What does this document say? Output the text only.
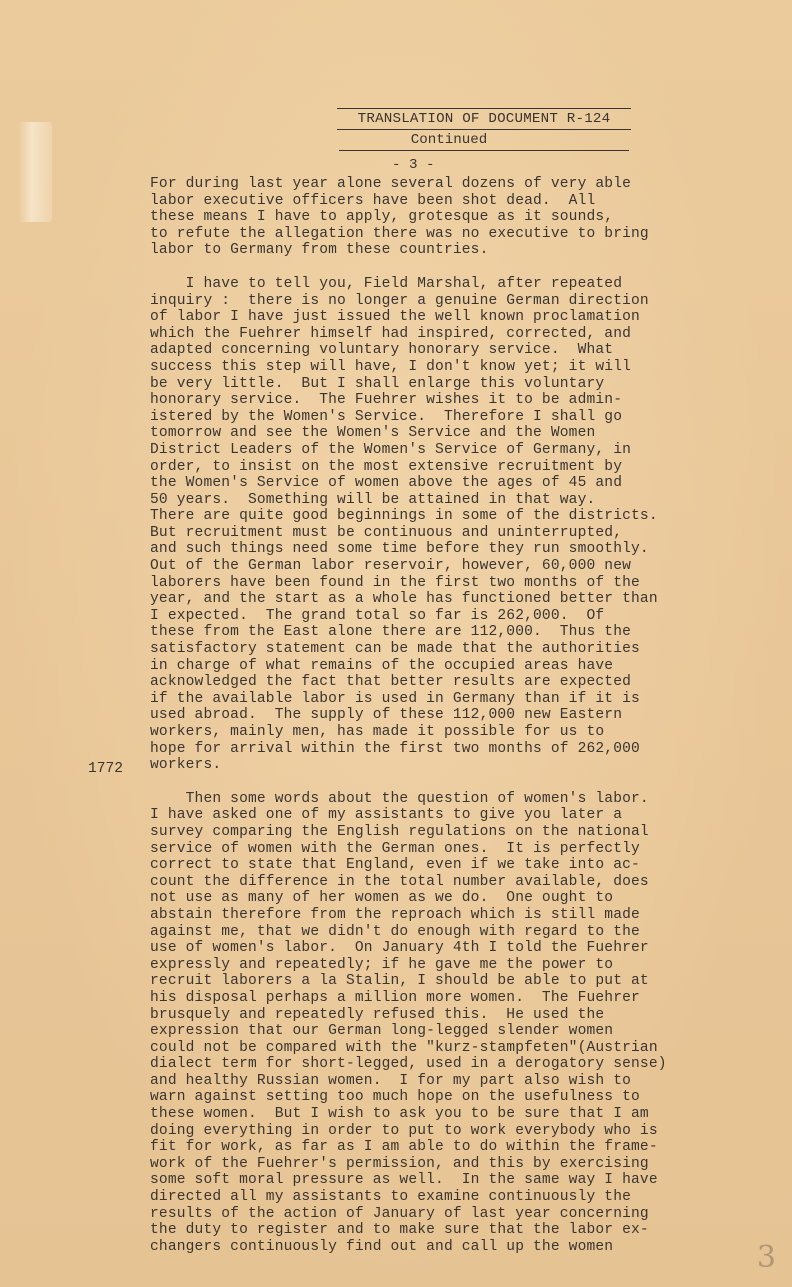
TRANSLATION OF DOCUMENT R-124
Continued
- 3 -
For during last year alone several dozens of very able
labor executive officers have been shot dead.  All
these means I have to apply, grotesque as it sounds,
to refute the allegation there was no executive to bring
labor to Germany from these countries.
I have to tell you, Field Marshal, after repeated
inquiry :  there is no longer a genuine German direction
of labor I have just issued the well known proclamation
which the Fuehrer himself had inspired, corrected, and
adapted concerning voluntary honorary service.  What
success this step will have, I don't know yet; it will
be very little.  But I shall enlarge this voluntary
honorary service.  The Fuehrer wishes it to be admin-
istered by the Women's Service.  Therefore I shall go
tomorrow and see the Women's Service and the Women
District Leaders of the Women's Service of Germany, in
order, to insist on the most extensive recruitment by
the Women's Service of women above the ages of 45 and
50 years.  Something will be attained in that way.
There are quite good beginnings in some of the districts.
But recruitment must be continuous and uninterrupted,
and such things need some time before they run smoothly.
Out of the German labor reservoir, however, 60,000 new
laborers have been found in the first two months of the
year, and the start as a whole has functioned better than
I expected.  The grand total so far is 262,000.  Of
these from the East alone there are 112,000.  Thus the
satisfactory statement can be made that the authorities
in charge of what remains of the occupied areas have
acknowledged the fact that better results are expected
if the available labor is used in Germany than if it is
used abroad.  The supply of these 112,000 new Eastern
workers, mainly men, has made it possible for us to
hope for arrival within the first two months of 262,000
workers.
Then some words about the question of women's labor.
I have asked one of my assistants to give you later a
survey comparing the English regulations on the national
service of women with the German ones.  It is perfectly
correct to state that England, even if we take into ac-
count the difference in the total number available, does
not use as many of her women as we do.  One ought to
abstain therefore from the reproach which is still made
against me, that we didn't do enough with regard to the
use of women's labor.  On January 4th I told the Fuehrer
expressly and repeatedly; if he gave me the power to
recruit laborers a la Stalin, I should be able to put at
his disposal perhaps a million more women.  The Fuehrer
brusquely and repeatedly refused this.  He used the
expression that our German long-legged slender women
could not be compared with the "kurz-stampfeten"(Austrian
dialect term for short-legged, used in a derogatory sense)
and healthy Russian women.  I for my part also wish to
warn against setting too much hope on the usefulness to
these women.  But I wish to ask you to be sure that I am
doing everything in order to put to work everybody who is
fit for work, as far as I am able to do within the frame-
work of the Fuehrer's permission, and this by exercising
some soft moral pressure as well.  In the same way I have
directed all my assistants to examine continuously the
results of the action of January of last year concerning
the duty to register and to make sure that the labor ex-
changers continuously find out and call up the women
1772
3
